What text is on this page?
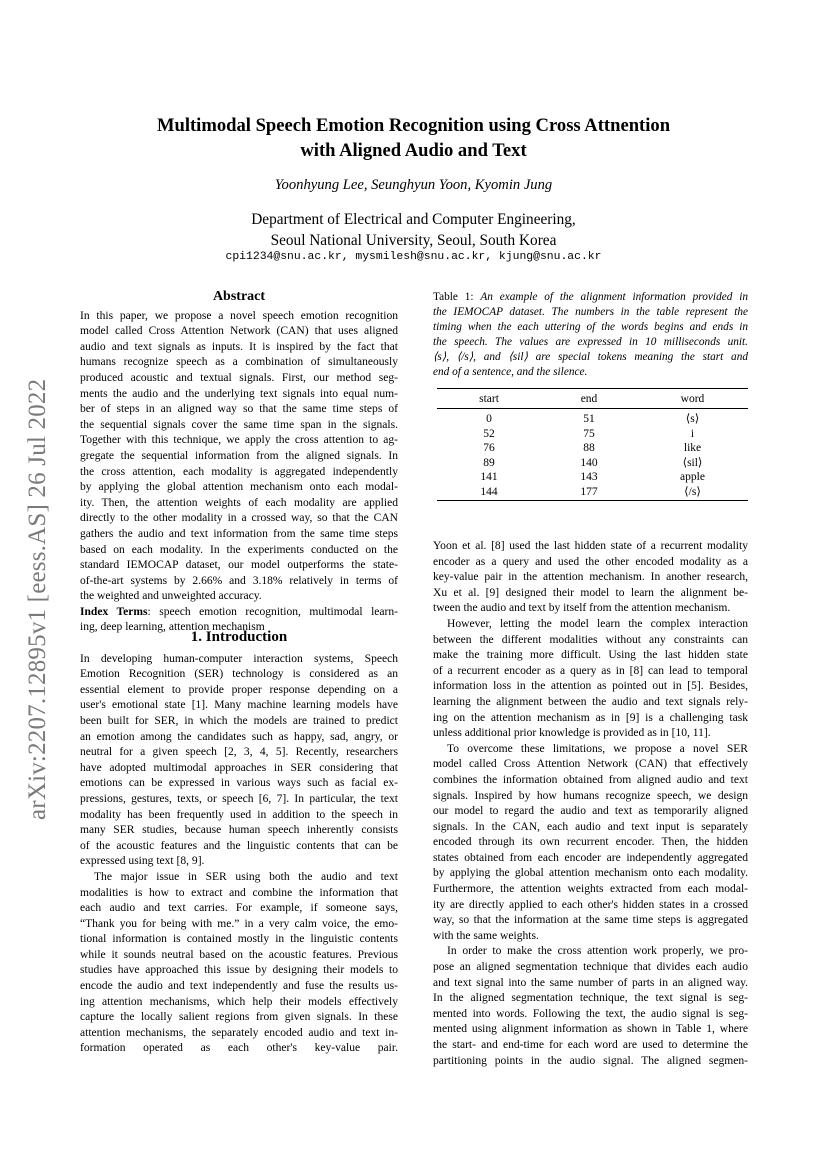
arXiv:2207.12895v1 [eess.AS] 26 Jul 2022
Multimodal Speech Emotion Recognition using Cross Attnention
with Aligned Audio and Text
Yoonhyung Lee, Seunghyun Yoon, Kyomin Jung
Department of Electrical and Computer Engineering,
Seoul National University, Seoul, South Korea
cpi1234@snu.ac.kr, mysmilesh@snu.ac.kr, kjung@snu.ac.kr
Abstract
In this paper, we propose a novel speech emotion recognition
model called Cross Attention Network (CAN) that uses aligned
audio and text signals as inputs. It is inspired by the fact that
humans recognize speech as a combination of simultaneously
produced acoustic and textual signals. First, our method seg-
ments the audio and the underlying text signals into equal num-
ber of steps in an aligned way so that the same time steps of
the sequential signals cover the same time span in the signals.
Together with this technique, we apply the cross attention to ag-
gregate the sequential information from the aligned signals. In
the cross attention, each modality is aggregated independently
by applying the global attention mechanism onto each modal-
ity. Then, the attention weights of each modality are applied
directly to the other modality in a crossed way, so that the CAN
gathers the audio and text information from the same time steps
based on each modality. In the experiments conducted on the
standard IEMOCAP dataset, our model outperforms the state-
of-the-art systems by 2.66% and 3.18% relatively in terms of
the weighted and unweighted accuracy.
Index Terms: speech emotion recognition, multimodal learn-
ing, deep learning, attention mechanism
1. Introduction
In developing human-computer interaction systems, Speech
Emotion Recognition (SER) technology is considered as an
essential element to provide proper response depending on a
user's emotional state [1]. Many machine learning models have
been built for SER, in which the models are trained to predict
an emotion among the candidates such as happy, sad, angry, or
neutral for a given speech [2, 3, 4, 5]. Recently, researchers
have adopted multimodal approaches in SER considering that
emotions can be expressed in various ways such as facial ex-
pressions, gestures, texts, or speech [6, 7]. In particular, the text
modality has been frequently used in addition to the speech in
many SER studies, because human speech inherently consists
of the acoustic features and the linguistic contents that can be
expressed using text [8, 9].
The major issue in SER using both the audio and text
modalities is how to extract and combine the information that
each audio and text carries. For example, if someone says,
“Thank you for being with me.” in a very calm voice, the emo-
tional information is contained mostly in the linguistic contents
while it sounds neutral based on the acoustic features. Previous
studies have approached this issue by designing their models to
encode the audio and text independently and fuse the results us-
ing attention mechanisms, which help their models effectively
capture the locally salient regions from given signals. In these
attention mechanisms, the separately encoded audio and text in-
formation operated as each other's key-value pair.
Table 1: An example of the alignment information provided in
the IEMOCAP dataset. The numbers in the table represent the
timing when the each uttering of the words begins and ends in
the speech. The values are expressed in 10 milliseconds unit.
⟨s⟩, ⟨/s⟩, and ⟨sil⟩ are special tokens meaning the start and
end of a sentence, and the silence.
start	end	word
0	51	⟨s⟩
52	75	i
76	88	like
89	140	⟨sil⟩
141	143	apple
144	177	⟨/s⟩
Yoon et al. [8] used the last hidden state of a recurrent modality
encoder as a query and used the other encoded modality as a
key-value pair in the attention mechanism. In another research,
Xu et al. [9] designed their model to learn the alignment be-
tween the audio and text by itself from the attention mechanism.
However, letting the model learn the complex interaction
between the different modalities without any constraints can
make the training more difficult. Using the last hidden state
of a recurrent encoder as a query as in [8] can lead to temporal
information loss in the attention as pointed out in [5]. Besides,
learning the alignment between the audio and text signals rely-
ing on the attention mechanism as in [9] is a challenging task
unless additional prior knowledge is provided as in [10, 11].
To overcome these limitations, we propose a novel SER
model called Cross Attention Network (CAN) that effectively
combines the information obtained from aligned audio and text
signals. Inspired by how humans recognize speech, we design
our model to regard the audio and text as temporarily aligned
signals. In the CAN, each audio and text input is separately
encoded through its own recurrent encoder. Then, the hidden
states obtained from each encoder are independently aggregated
by applying the global attention mechanism onto each modality.
Furthermore, the attention weights extracted from each modal-
ity are directly applied to each other's hidden states in a crossed
way, so that the information at the same time steps is aggregated
with the same weights.
In order to make the cross attention work properly, we pro-
pose an aligned segmentation technique that divides each audio
and text signal into the same number of parts in an aligned way.
In the aligned segmentation technique, the text signal is seg-
mented into words. Following the text, the audio signal is seg-
mented using alignment information as shown in Table 1, where
the start- and end-time for each word are used to determine the
partitioning points in the audio signal. The aligned segmen-
